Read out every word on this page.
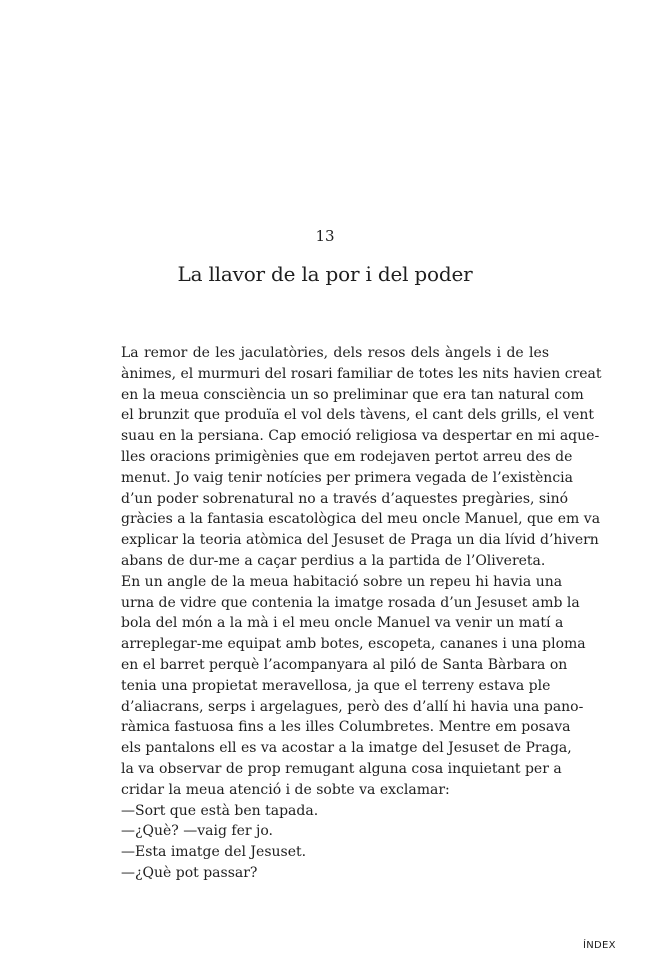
13
La llavor de la por i del poder

La remor de les jaculatòries, dels resos dels àngels i de les
ànimes, el murmuri del rosari familiar de totes les nits havien creat
en la meua consciència un so preliminar que era tan natural com
el brunzit que produïa el vol dels tàvens, el cant dels grills, el vent
suau en la persiana. Cap emoció religiosa va despertar en mi aque-
lles oracions primigènies que em rodejaven pertot arreu des de
menut. Jo vaig tenir notícies per primera vegada de l’existència
d’un poder sobrenatural no a través d’aquestes pregàries, sinó
gràcies a la fantasia escatològica del meu oncle Manuel, que em va
explicar la teoria atòmica del Jesuset de Praga un dia lívid d’hivern
abans de dur-me a caçar perdius a la partida de l’Olivereta.

En un angle de la meua habitació sobre un repeu hi havia una
urna de vidre que contenia la imatge rosada d’un Jesuset amb la
bola del món a la mà i el meu oncle Manuel va venir un matí a
arreplegar-me equipat amb botes, escopeta, cananes i una ploma
en el barret perquè l’acompanyara al piló de Santa Bàrbara on
tenia una propietat meravellosa, ja que el terreny estava ple
d’aliacrans, serps i argelagues, però des d’allí hi havia una pano-
ràmica fastuosa fins a les illes Columbretes. Mentre em posava
els pantalons ell es va acostar a la imatge del Jesuset de Praga,
la va observar de prop remugant alguna cosa inquietant per a
cridar la meua atenció i de sobte va exclamar:

—Sort que està ben tapada.

—¿Què? —vaig fer jo.

—Esta imatge del Jesuset.

—¿Què pot passar?

ÍNDEX
